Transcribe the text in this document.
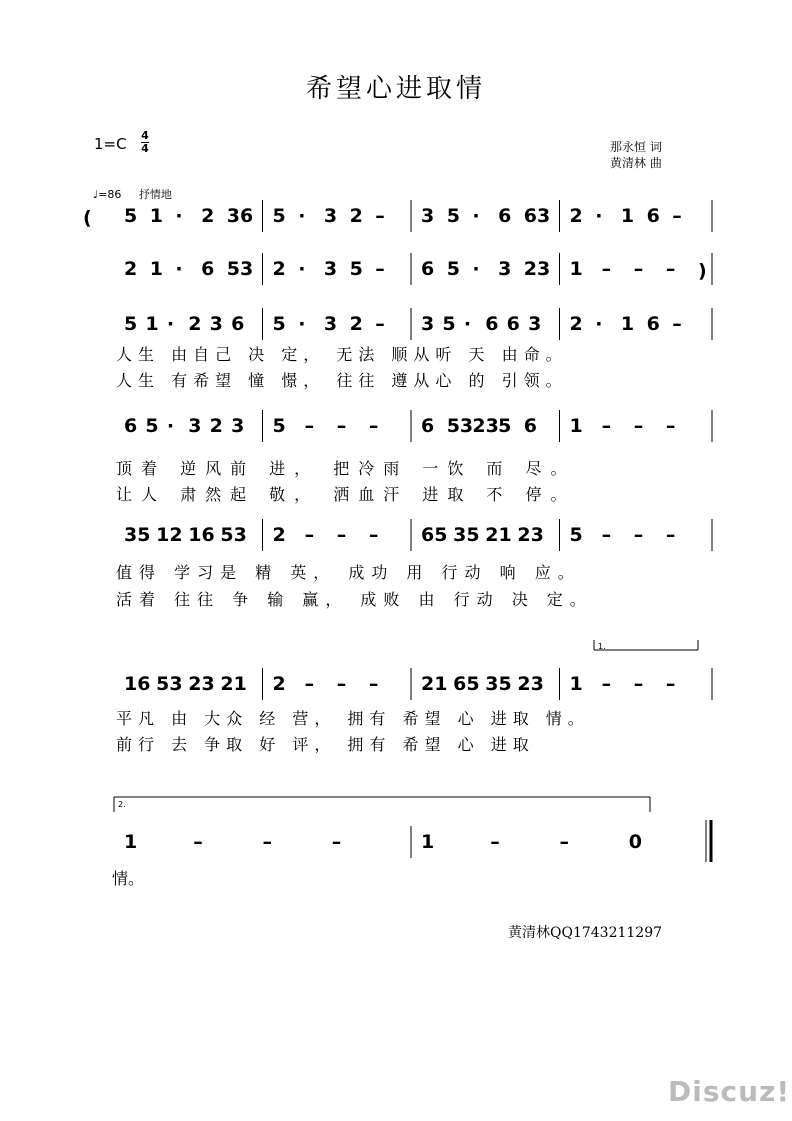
希望心进取情
1=C 4
4	那永恒 词
黄清林 曲
♩=86 抒情地
5 1 · 2 36 5 · 3 2 – 3 5 · 6 63 2 · 1 6 –
2 1 · 6 53 2 · 3 5 – 6 5 · 3 23 1 – – –
5 1 · 2 3 6 5 · 3 2 – 3 5 · 6 6 3 2 · 1 6 –
6 5 · 3 2 3 5 – – – 6 53 23 5 6 1 – – –
35 12 16 53 2 – – – 65 35 21 23 5 – – –
16 53 23 21 2 – – – 21 65 35 23 1 – – –
1	–	–	–	1	–	–	0
(
)
人生 由自己 决 定， 无法 顺从听 天 由命。
人生 有希望 憧 憬， 往往 遵从心 的 引领。
顶着 逆风前 进， 把冷雨 一饮 而 尽。
让人 肃然起 敬， 洒血汗 进取 不 停。
值得 学习是 精 英， 成功 用 行动 响 应。
活着 往往 争 输 赢， 成败 由 行动 决 定。
平凡 由 大众 经 营， 拥有 希望 心 进取 情。
前行 去 争取 好 评， 拥有 希望 心 进取
情。
1.
2.
黄清林QQ1743211297
Discuz!
